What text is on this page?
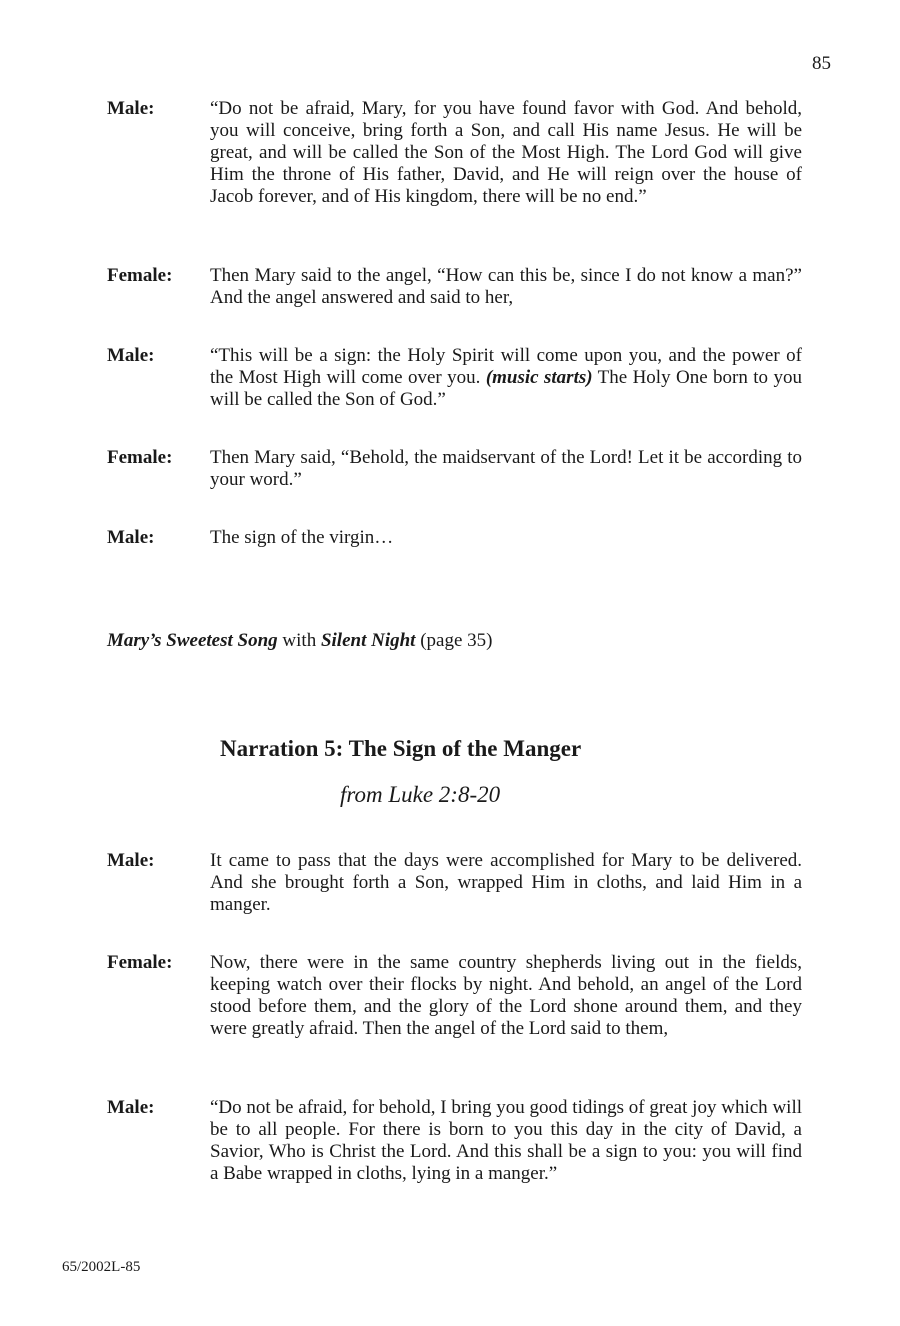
85
Male:	“Do not be afraid, Mary, for you have found favor with God. And behold, you will conceive, bring forth a Son, and call His name Jesus. He will be great, and will be called the Son of the Most High. The Lord God will give Him the throne of His father, David, and He will reign over the house of Jacob forever, and of His kingdom, there will be no end.”
Female:	Then Mary said to the angel, “How can this be, since I do not know a man?” And the angel answered and said to her,
Male:	“This will be a sign: the Holy Spirit will come upon you, and the power of the Most High will come over you. (music starts) The Holy One born to you will be called the Son of God.”
Female:	Then Mary said, “Behold, the maidservant of the Lord! Let it be according to your word.”
Male:	The sign of the virgin…
Mary’s Sweetest Song with Silent Night (page 35)
Narration 5: The Sign of the Manger
from Luke 2:8-20
Male:	It came to pass that the days were accomplished for Mary to be delivered. And she brought forth a Son, wrapped Him in cloths, and laid Him in a manger.
Female:	Now, there were in the same country shepherds living out in the fields, keeping watch over their flocks by night. And behold, an angel of the Lord stood before them, and the glory of the Lord shone around them, and they were greatly afraid. Then the angel of the Lord said to them,
Male:	“Do not be afraid, for behold, I bring you good tidings of great joy which will be to all people. For there is born to you this day in the city of David, a Savior, Who is Christ the Lord. And this shall be a sign to you: you will find a Babe wrapped in cloths, lying in a manger.”
65/2002L-85
